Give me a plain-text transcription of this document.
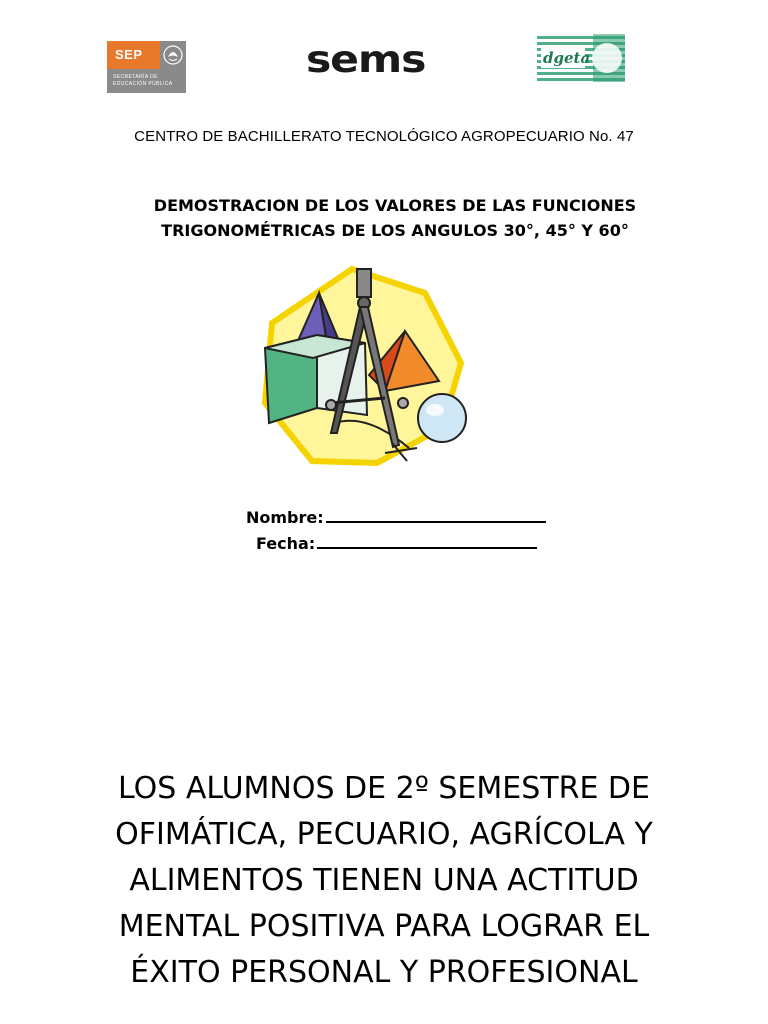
SEP
SECRETARÍA DE EDUCACIÓN PÚBLICA
sems	dgeta
CENTRO DE BACHILLERATO TECNOLÓGICO AGROPECUARIO No. 47
DEMOSTRACION DE LOS VALORES DE LAS FUNCIONES TRIGONOMÉTRICAS DE LOS ANGULOS 30°, 45° Y 60°
Nombre:
Fecha:
LOS ALUMNOS DE 2º SEMESTRE DE OFIMÁTICA, PECUARIO, AGRÍCOLA Y ALIMENTOS TIENEN UNA ACTITUD MENTAL POSITIVA PARA LOGRAR EL ÉXITO PERSONAL Y PROFESIONAL
